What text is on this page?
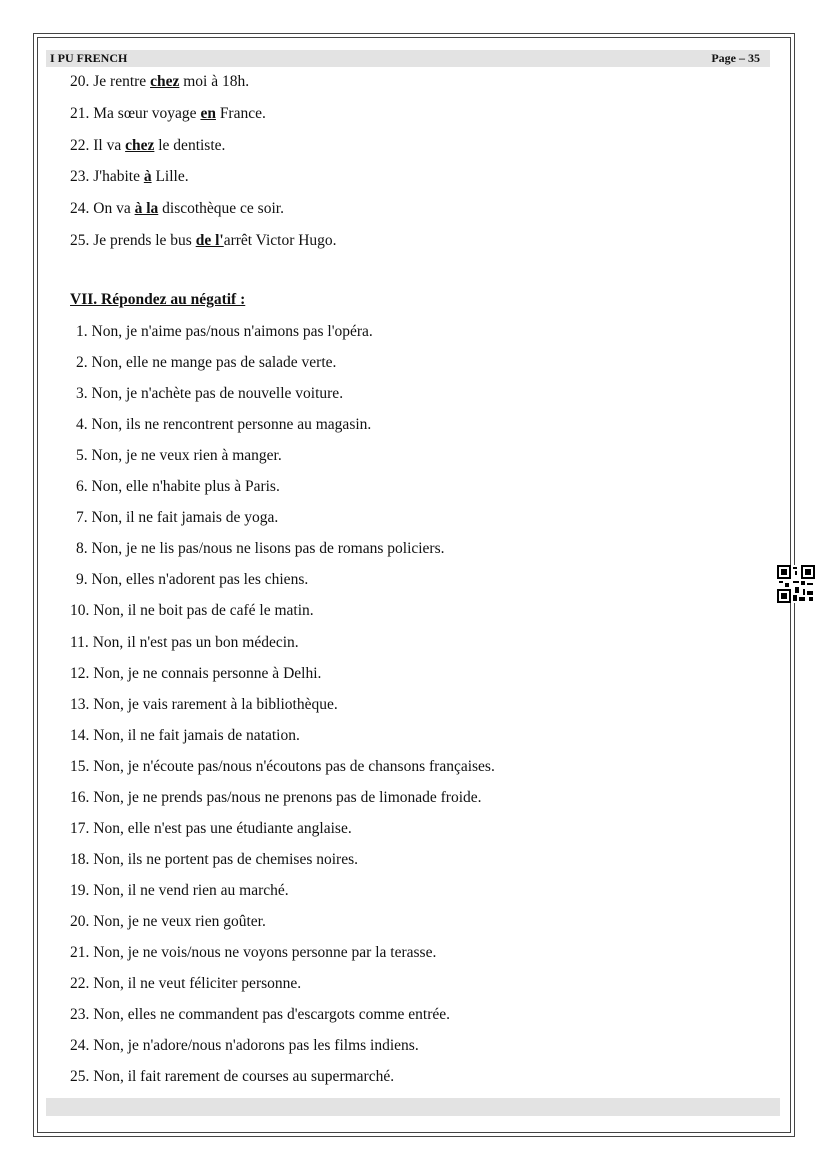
I PU FRENCH	Page – 35
20. Je rentre chez moi à 18h.
21. Ma sœur voyage en France.
22. Il va chez le dentiste.
23. J'habite à Lille.
24. On va à la discothèque ce soir.
25. Je prends le bus de l'arrêt Victor Hugo.
VII. Répondez au négatif :
1. Non, je n'aime pas/nous n'aimons pas l'opéra.
2. Non, elle ne mange pas de salade verte.
3. Non, je n'achète pas de nouvelle voiture.
4. Non, ils ne rencontrent personne au magasin.
5. Non, je ne veux rien à manger.
6. Non, elle n'habite plus à Paris.
7. Non, il ne fait jamais de yoga.
8. Non, je ne lis pas/nous ne lisons pas de romans policiers.
9. Non, elles n'adorent pas les chiens.
10. Non, il ne boit pas de café le matin.
11. Non, il n'est pas un bon médecin.
12. Non, je ne connais personne à Delhi.
13. Non, je vais rarement à la bibliothèque.
14. Non, il ne fait jamais de natation.
15. Non, je n'écoute pas/nous n'écoutons pas de chansons françaises.
16. Non, je ne prends pas/nous ne prenons pas de limonade froide.
17. Non, elle n'est pas une étudiante anglaise.
18. Non, ils ne portent pas de chemises noires.
19. Non, il ne vend rien au marché.
20. Non, je ne veux rien goûter.
21. Non, je ne vois/nous ne voyons personne par la terasse.
22. Non, il ne veut féliciter personne.
23. Non, elles ne commandent pas d'escargots comme entrée.
24. Non, je n'adore/nous n'adorons pas les films indiens.
25. Non, il fait rarement de courses au supermarché.
